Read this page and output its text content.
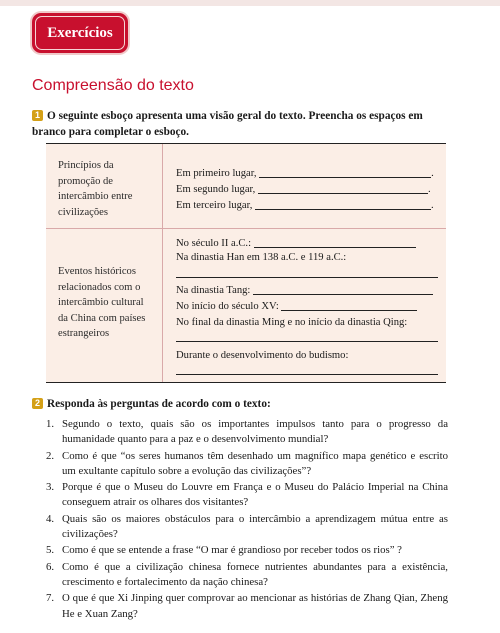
Exercícios
Compreensão do texto
1 O seguinte esboço apresenta uma visão geral do texto. Preencha os espaços em branco para completar o esboço.
Princípios da promoção de intercâmbio entre civilizações
Em primeiro lugar,	.
Em segundo lugar,	.
Em terceiro lugar,	.
Eventos históricos relacionados com o intercâmbio cultural da China com países estrangeiros
No século II a.C.:
Na dinastia Han em 138 a.C. e 119 a.C.:
Na dinastia Tang:
No início do século XV:
No final da dinastia Ming e no início da dinastia Qing:
Durante o desenvolvimento do budismo:
2 Responda às perguntas de acordo com o texto:
1. Segundo o texto, quais são os importantes impulsos tanto para o progresso da humanidade quanto para a paz e o desenvolvimento mundial?
2. Como é que “os seres humanos têm desenhado um magnífico mapa genético e escrito um exultante capítulo sobre a evolução das civilizações”?
3. Porque é que o Museu do Louvre em França e o Museu do Palácio Imperial na China conseguem atrair os olhares dos visitantes?
4. Quais são os maiores obstáculos para o intercâmbio a aprendizagem mútua entre as civilizações?
5. Como é que se entende a frase “O mar é grandioso por receber todos os rios” ?
6. Como é que a civilização chinesa fornece nutrientes abundantes para a existência, crescimento e fortalecimento da nação chinesa?
7. O que é que Xi Jinping quer comprovar ao mencionar as histórias de Zhang Qian, Zheng He e Xuan Zang?
